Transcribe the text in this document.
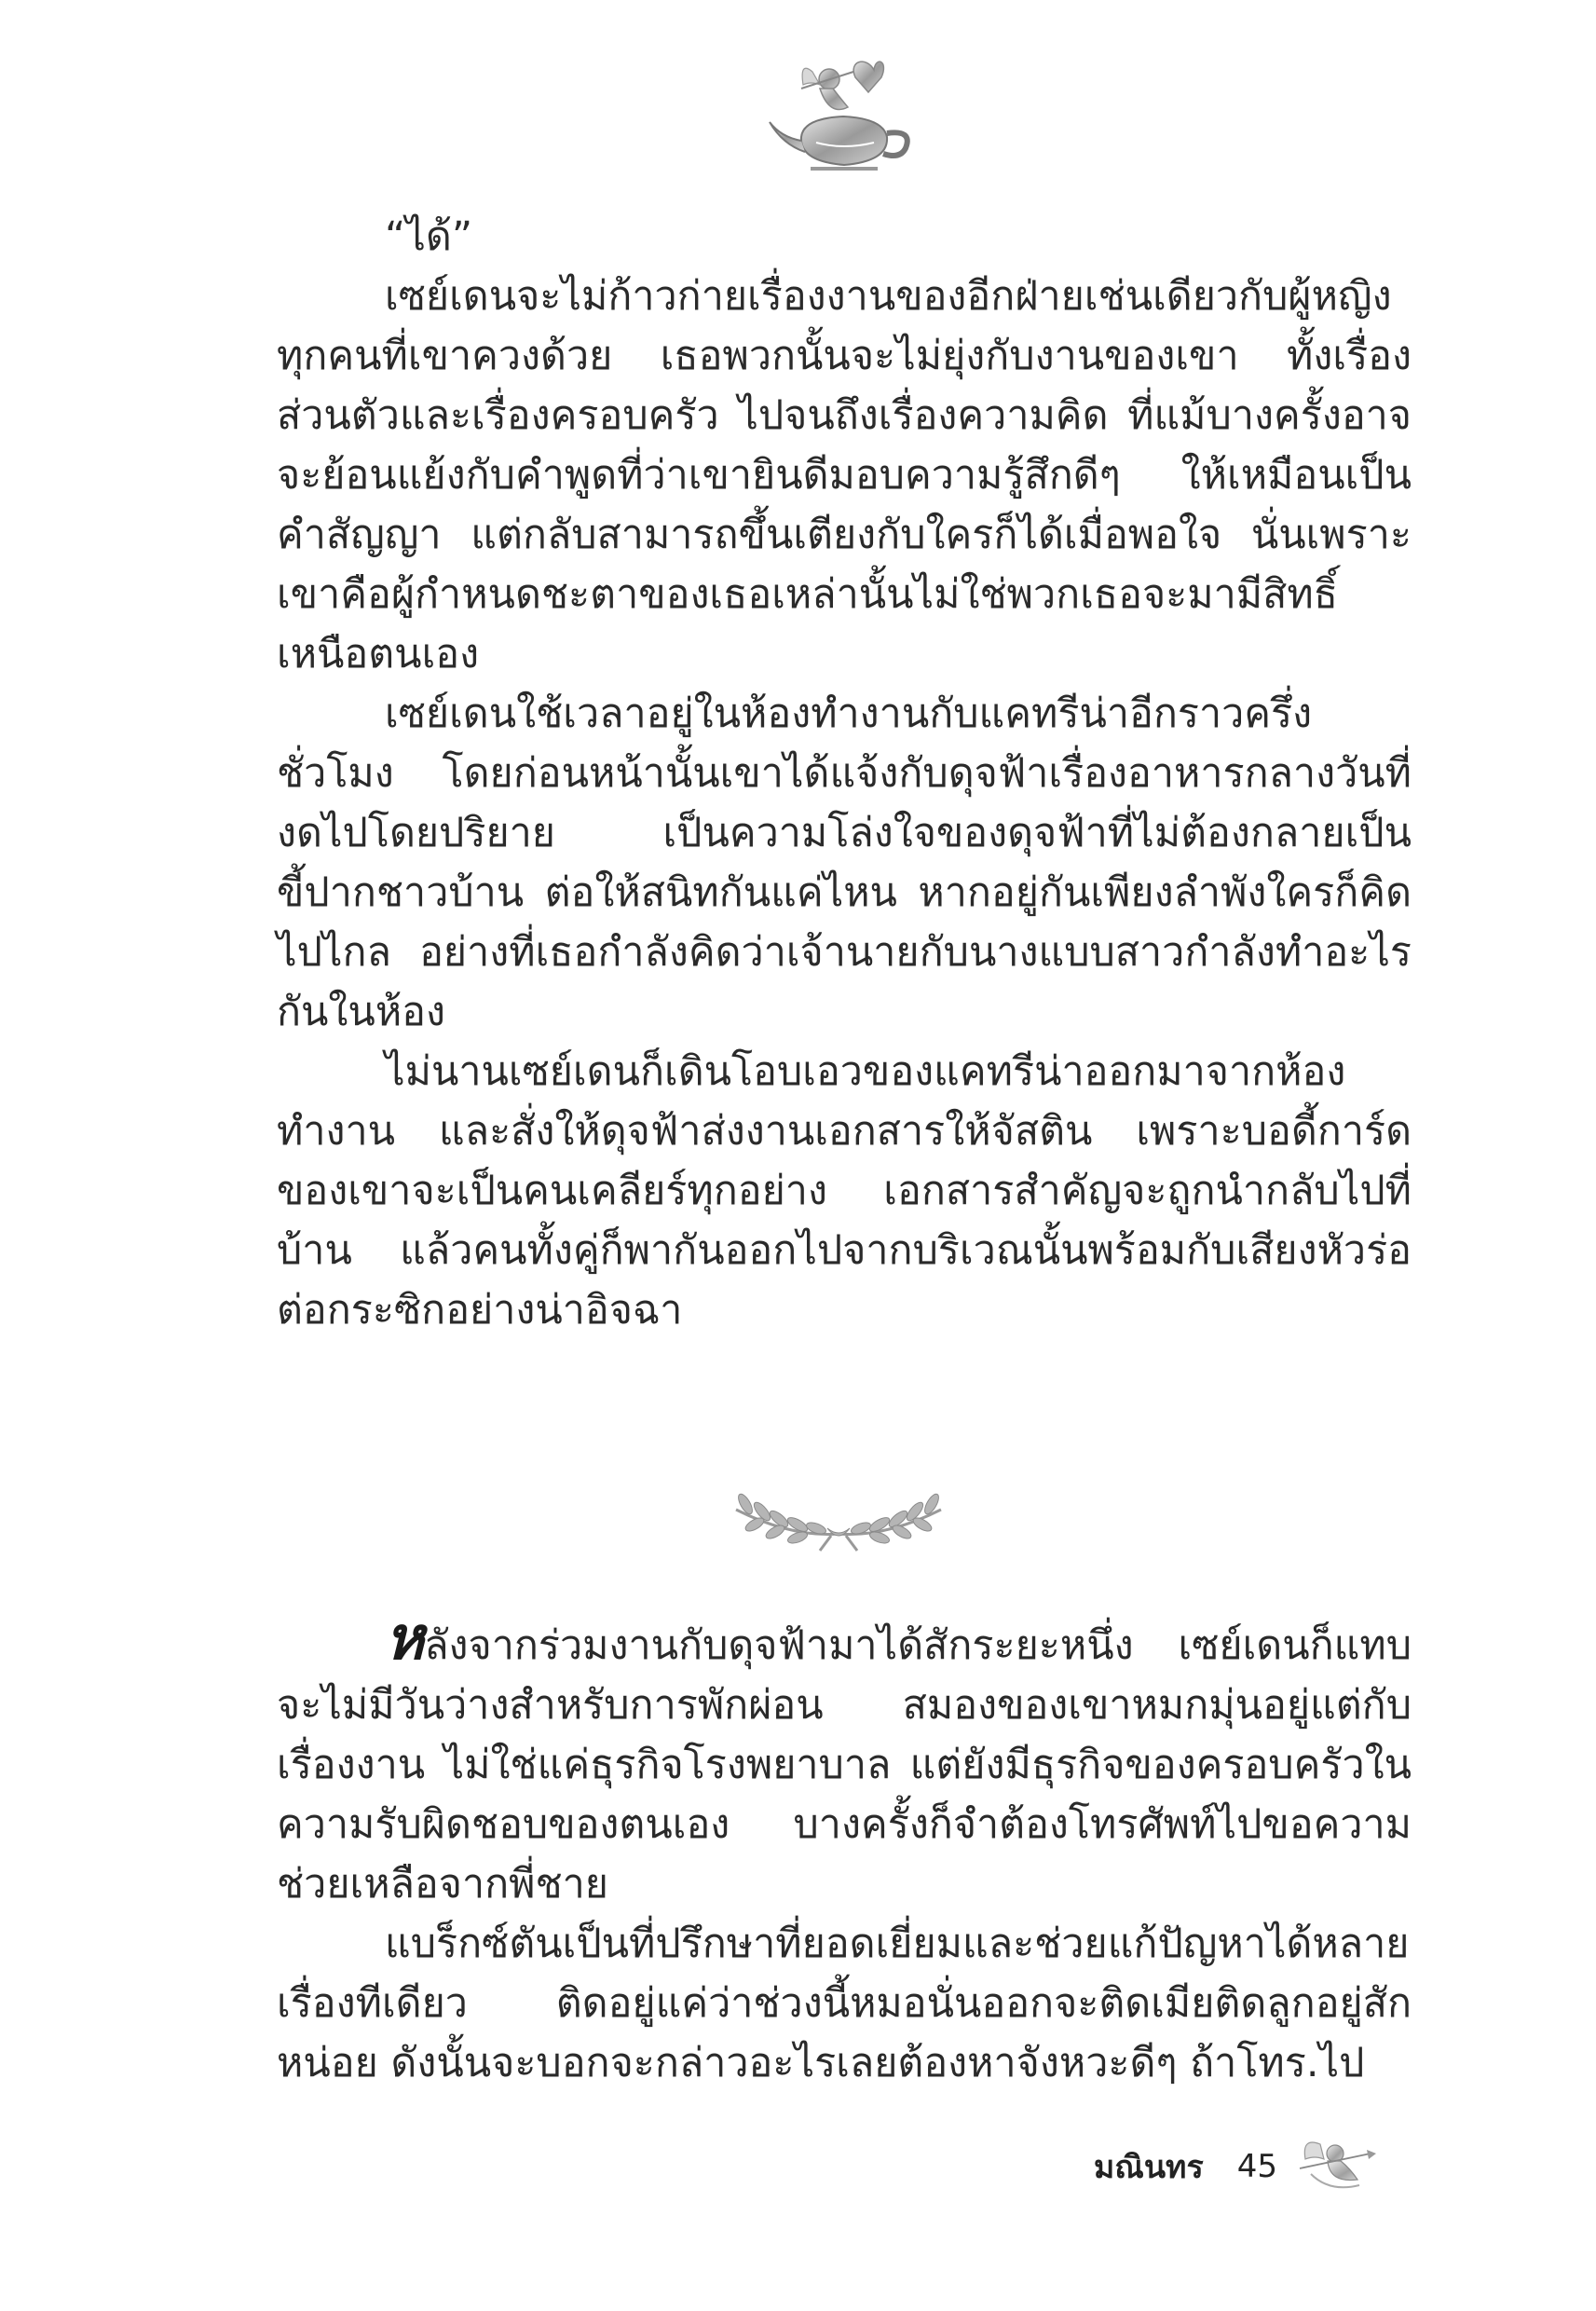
“ได้”

เซย์เดนจะไม่ก้าวก่ายเรื่องงานของอีกฝ่ายเช่นเดียวกับผู้หญิงทุกคนที่เขาควงด้วย เธอพวกนั้นจะไม่ยุ่งกับงานของเขา ทั้งเรื่องส่วนตัวและเรื่องครอบครัว ไปจนถึงเรื่องความคิด ที่แม้บางครั้งอาจจะย้อนแย้งกับคำพูดที่ว่าเขายินดีมอบความรู้สึกดีๆ ให้เหมือนเป็นคำสัญญา แต่กลับสามารถขึ้นเตียงกับใครก็ได้เมื่อพอใจ นั่นเพราะเขาคือผู้กำหนดชะตาของเธอเหล่านั้นไม่ใช่พวกเธอจะมามีสิทธิ์เหนือตนเอง

เซย์เดนใช้เวลาอยู่ในห้องทำงานกับแคทรีน่าอีกราวครึ่งชั่วโมง โดยก่อนหน้านั้นเขาได้แจ้งกับดุจฟ้าเรื่องอาหารกลางวันที่งดไปโดยปริยาย เป็นความโล่งใจของดุจฟ้าที่ไม่ต้องกลายเป็นขี้ปากชาวบ้าน ต่อให้สนิทกันแค่ไหน หากอยู่กันเพียงลำพังใครก็คิดไปไกล อย่างที่เธอกำลังคิดว่าเจ้านายกับนางแบบสาวกำลังทำอะไรกันในห้อง

ไม่นานเซย์เดนก็เดินโอบเอวของแคทรีน่าออกมาจากห้องทำงาน และสั่งให้ดุจฟ้าส่งงานเอกสารให้จัสติน เพราะบอดี้การ์ดของเขาจะเป็นคนเคลียร์ทุกอย่าง เอกสารสำคัญจะถูกนำกลับไปที่บ้าน แล้วคนทั้งคู่ก็พากันออกไปจากบริเวณนั้นพร้อมกับเสียงหัวร่อต่อกระซิกอย่างน่าอิจฉา

หลังจากร่วมงานกับดุจฟ้ามาได้สักระยะหนึ่ง เซย์เดนก็แทบจะไม่มีวันว่างสำหรับการพักผ่อน สมองของเขาหมกมุ่นอยู่แต่กับเรื่องงาน ไม่ใช่แค่ธุรกิจโรงพยาบาล แต่ยังมีธุรกิจของครอบครัวในความรับผิดชอบของตนเอง บางครั้งก็จำต้องโทรศัพท์ไปขอความช่วยเหลือจากพี่ชาย

แบร็กซ์ตันเป็นที่ปรึกษาที่ยอดเยี่ยมและช่วยแก้ปัญหาได้หลายเรื่องทีเดียว ติดอยู่แค่ว่าช่วงนี้หมอนั่นออกจะติดเมียติดลูกอยู่สักหน่อย ดังนั้นจะบอกจะกล่าวอะไรเลยต้องหาจังหวะดีๆ ถ้าโทร.ไป

มณินทร 45
